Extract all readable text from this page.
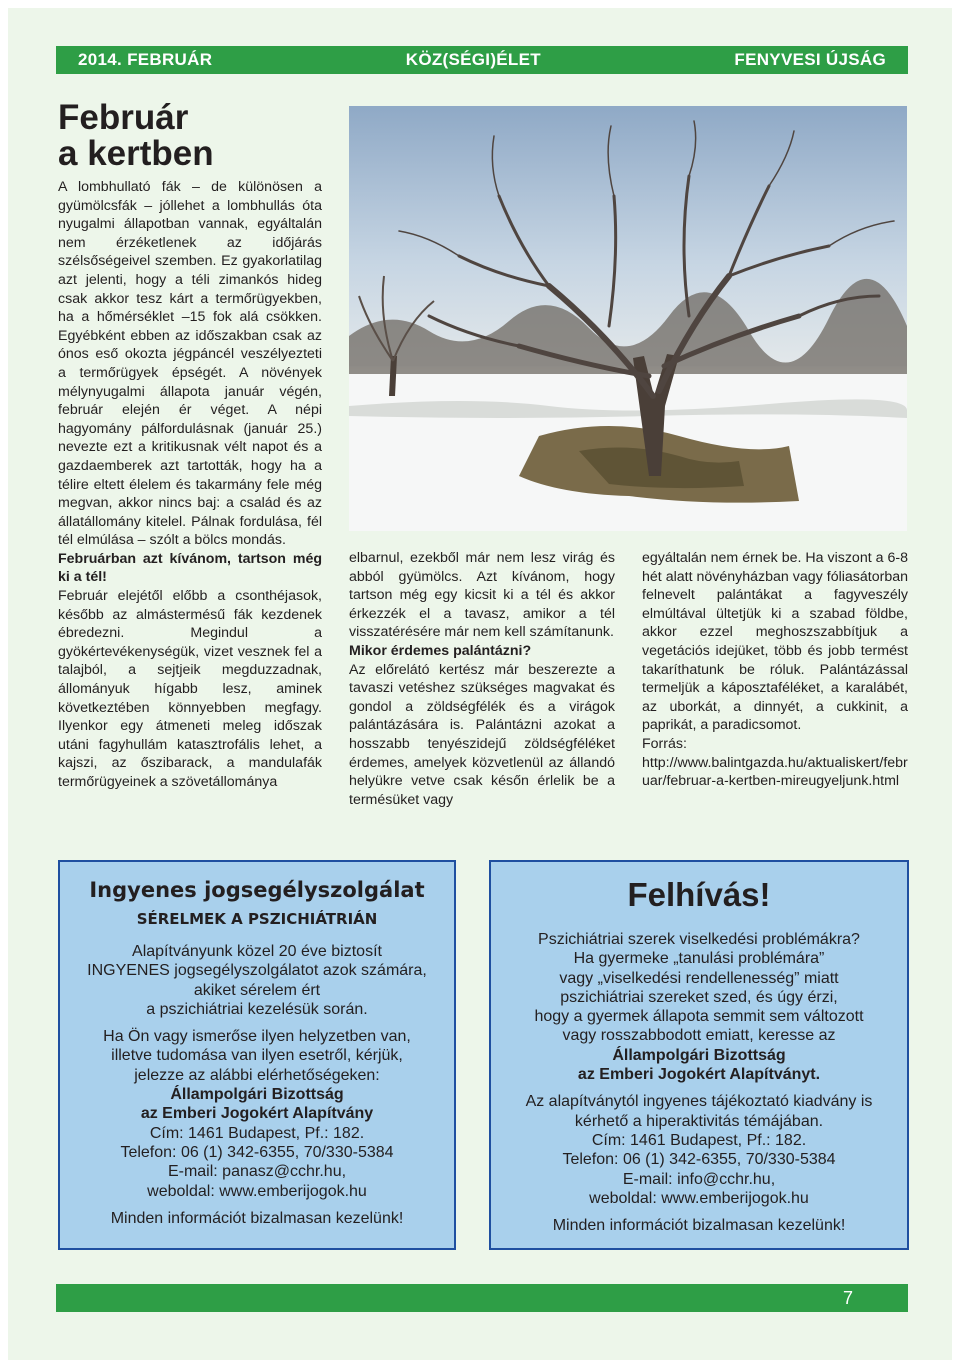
2014. FEBRUÁR	KÖZ(SÉGI)ÉLET	FENYVESI ÚJSÁG
Február
a kertben

A lombhullató fák – de különösen a gyümölcsfák – jóllehet a lombhullás óta nyugalmi állapotban vannak, egyáltalán nem érzéketlenek az időjárás szélsőségeivel szemben. Ez gyakorlatilag azt jelenti, hogy a téli zimankós hideg csak akkor tesz kárt a termőrügyekben, ha a hőmérséklet –15 fok alá csökken. Egyébként ebben az időszakban csak az ónos eső okozta jégpáncél veszélyezteti a termőrügyek épségét. A növények mélynyugalmi állapota január végén, február elején ér véget. A népi hagyomány pálfordulásnak (január 25.) nevezte ezt a kritikusnak vélt napot és a gazdaemberek azt tartották, hogy ha a télire eltett élelem és takarmány fele még megvan, akkor nincs baj: a család és az állatállomány kitelel. Pálnak fordulása, fél tél elmúlása – szólt a bölcs mondás.

Februárban azt kívánom, tartson még ki a tél!

Február elejétől előbb a csonthéjasok, később az almástermésű fák kezdenek ébredezni. Megindul a gyökértevékenységük, vizet vesznek fel a talajból, a sejtjeik megduzzadnak, állományuk hígabb lesz, aminek következtében könnyebben megfagy. Ilyenkor egy átmeneti meleg időszak utáni fagyhullám katasztrofális lehet, a kajszi, az őszibarack, a mandulafák termőrügyeinek a szövetállománya

elbarnul, ezekből már nem lesz virág és abból gyümölcs. Azt kívánom, hogy tartson még egy kicsit ki a tél és akkor érkezzék el a tavasz, amikor a tél visszatérésére már nem kell számítanunk.

Mikor érdemes palántázni?

Az előrelátó kertész már beszerezte a tavaszi vetéshez szükséges magvakat és gondol a zöldségfélék és a virágok palántázására is. Palántázni azokat a hosszabb tenyészidejű zöldségféléket érdemes, amelyek közvetlenül az állandó helyükre vetve csak későn érlelik be a termésüket vagy

egyáltalán nem érnek be. Ha viszont a 6-8 hét alatt növényházban vagy fóliasátorban felnevelt palántákat a fagyveszély elmúltával ültetjük ki a szabad földbe, akkor ezzel meghoszszabbítjuk a vegetációs idejüket, több és jobb termést takaríthatunk be róluk. Palántázással termeljük a káposztaféléket, a karalábét, az uborkát, a dinnyét, a cukkinit, a paprikát, a paradicsomot.

Forrás:

http://www.balintgazda.hu/aktualiskert/februar/februar-a-kertben-mireugyeljunk.html

Ingyenes jogsegélyszolgálat
SÉRELMEK A PSZICHIÁTRIÁN
Alapítványunk közel 20 éve biztosít
INGYENES jogsegélyszolgálatot azok számára,
akiket sérelem ért
a pszichiátriai kezelésük során.
Ha Ön vagy ismerőse ilyen helyzetben van,
illetve tudomása van ilyen esetről, kérjük,
jelezze az alábbi elérhetőségeken:
Állampolgári Bizottság
az Emberi Jogokért Alapítvány
Cím: 1461 Budapest, Pf.: 182.
Telefon: 06 (1) 342-6355, 70/330-5384
E-mail: panasz@cchr.hu,
weboldal: www.emberijogok.hu
Minden információt bizalmasan kezelünk!
Felhívás!
Pszichiátriai szerek viselkedési problémákra?
Ha gyermeke „tanulási problémára”
vagy „viselkedési rendellenesség” miatt
pszichiátriai szereket szed, és úgy érzi,
hogy a gyermek állapota semmit sem változott
vagy rosszabbodott emiatt, keresse az
Állampolgári Bizottság
az Emberi Jogokért Alapítványt.
Az alapítványtól ingyenes tájékoztató kiadvány is
kérhető a hiperaktivitás témájában.
Cím: 1461 Budapest, Pf.: 182.
Telefon: 06 (1) 342-6355, 70/330-5384
E-mail: info@cchr.hu,
weboldal: www.emberijogok.hu
Minden információt bizalmasan kezelünk!
7
